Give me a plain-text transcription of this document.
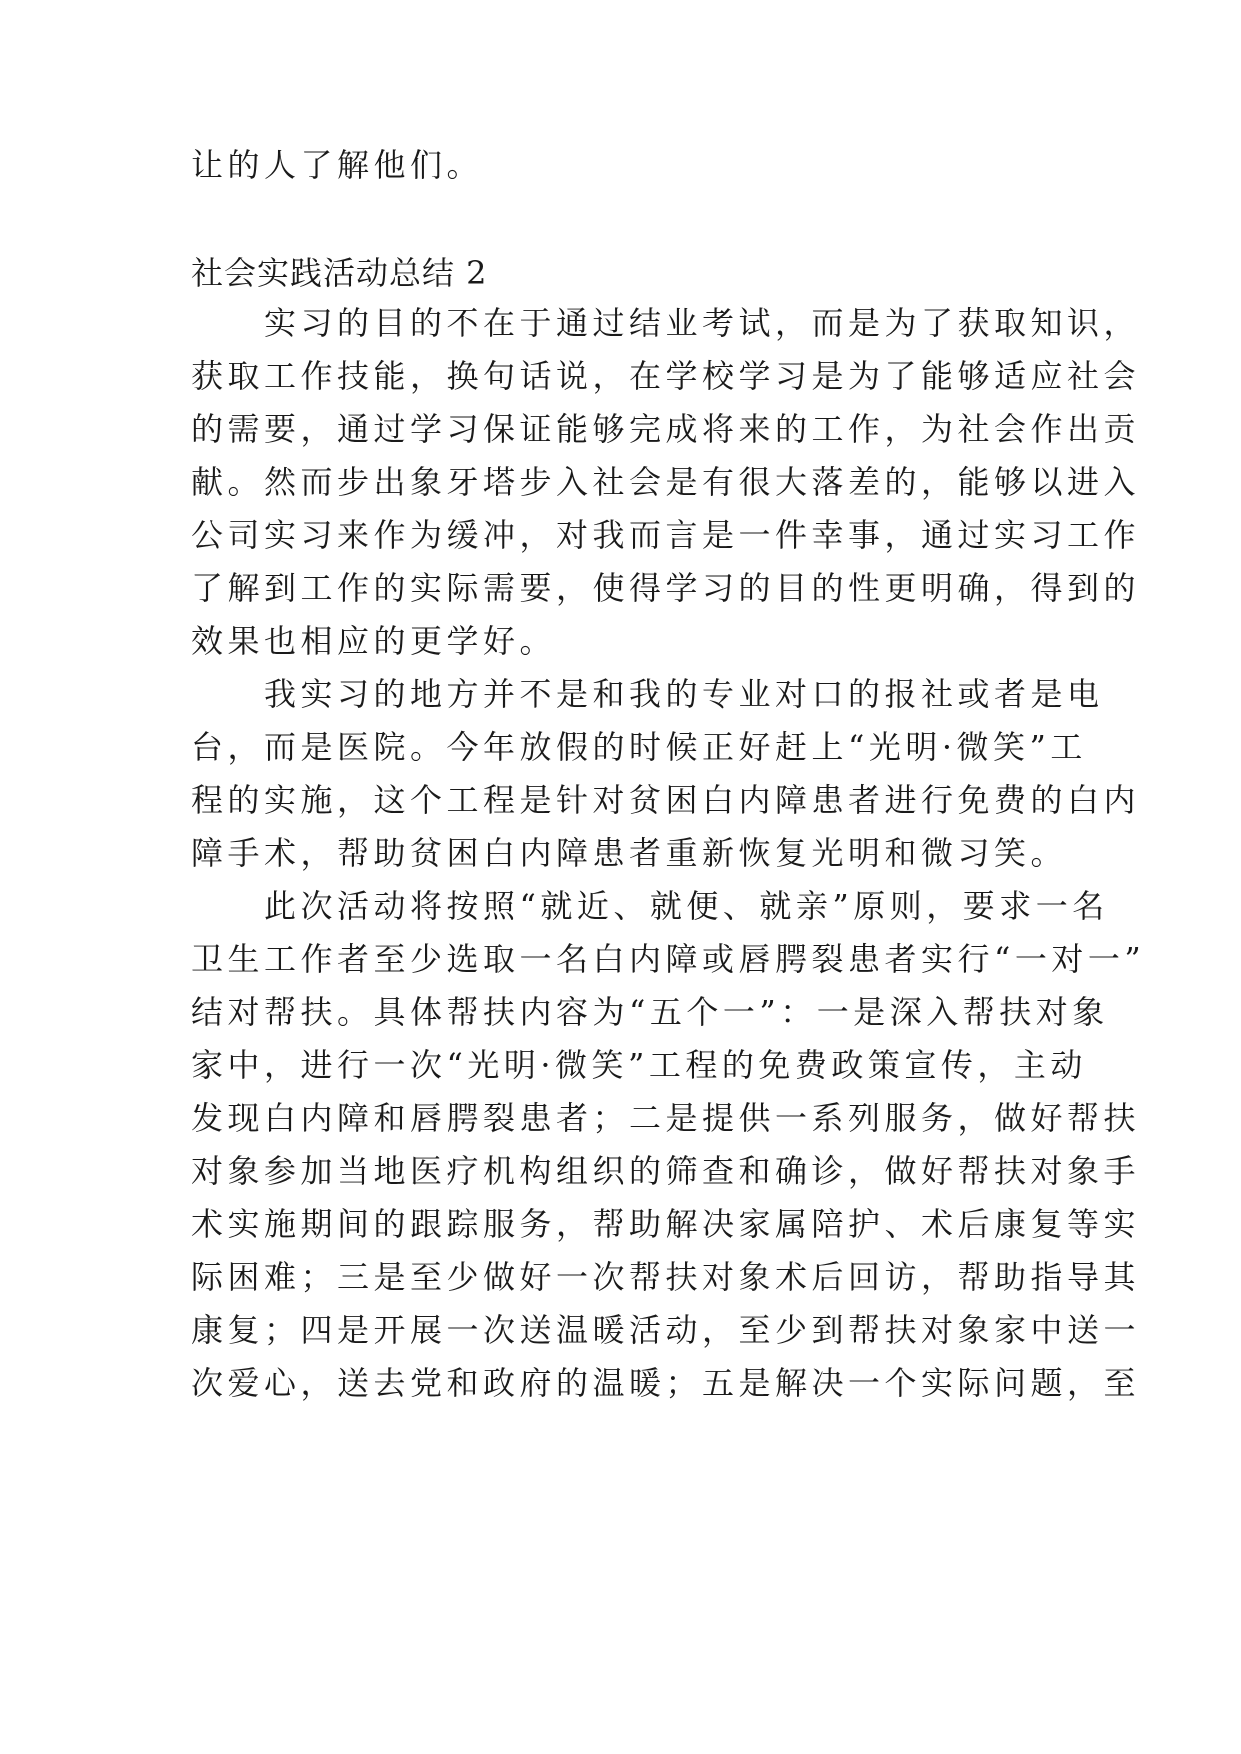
让的人了解他们。
社会实践活动总结 2
　　实习的目的不在于通过结业考试，而是为了获取知识，
获取工作技能，换句话说，在学校学习是为了能够适应社会
的需要，通过学习保证能够完成将来的工作，为社会作出贡
献。然而步出象牙塔步入社会是有很大落差的，能够以进入
公司实习来作为缓冲，对我而言是一件幸事，通过实习工作
了解到工作的实际需要，使得学习的目的性更明确，得到的
效果也相应的更学好。
　　我实习的地方并不是和我的专业对口的报社或者是电
台，而是医院。今年放假的时候正好赶上“光明·微笑”工
程的实施，这个工程是针对贫困白内障患者进行免费的白内
障手术，帮助贫困白内障患者重新恢复光明和微习笑。
　　此次活动将按照“就近、就便、就亲”原则，要求一名
卫生工作者至少选取一名白内障或唇腭裂患者实行“一对一”
结对帮扶。具体帮扶内容为“五个一”：一是深入帮扶对象
家中，进行一次“光明·微笑”工程的免费政策宣传，主动
发现白内障和唇腭裂患者；二是提供一系列服务，做好帮扶
对象参加当地医疗机构组织的筛查和确诊，做好帮扶对象手
术实施期间的跟踪服务，帮助解决家属陪护、术后康复等实
际困难；三是至少做好一次帮扶对象术后回访，帮助指导其
康复；四是开展一次送温暖活动，至少到帮扶对象家中送一
次爱心，送去党和政府的温暖；五是解决一个实际问题，至
